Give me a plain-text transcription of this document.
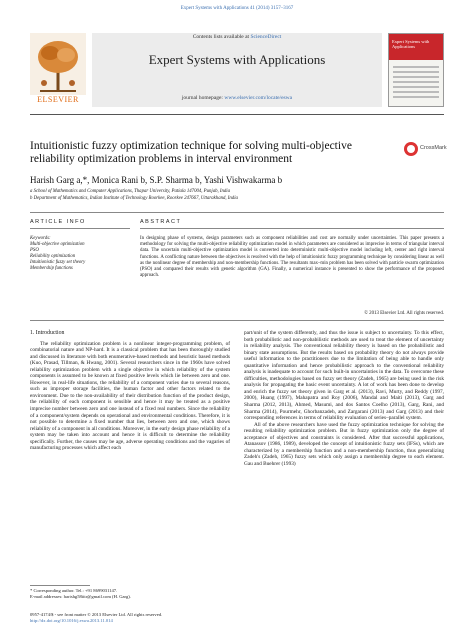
Expert Systems with Applications 41 (2014) 3157–3167
ELSEVIER
Contents lists available at ScienceDirect
Expert Systems with Applications
journal homepage: www.elsevier.com/locate/eswa
Expert Systems with Applications
Intuitionistic fuzzy optimization technique for solving multi-objective reliability optimization problems in interval environment
CrossMark
Harish Garg a,*, Monica Rani b, S.P. Sharma b, Yashi Vishwakarma b
a School of Mathematics and Computer Applications, Thapar University, Patiala 147004, Punjab, India
b Department of Mathematics, Indian Institute of Technology Roorkee, Roorkee 247667, Uttarakhand, India
ARTICLE INFO	ABSTRACT
Keywords:
Multi-objective optimization
PSO
Reliability optimization
Intuitionistic fuzzy set theory
Membership functions
In designing phase of systems, design parameters such as component reliabilities and cost are normally under uncertainties. This paper presents a methodology for solving the multi-objective reliability optimization model in which parameters are considered as imprecise in terms of triangular interval data. The uncertain multi-objective optimization model is converted into deterministic multi-objective model including left, center and right interval functions. A conflicting nature between the objectives is resolved with the help of intuitionistic fuzzy programming technique by considering linear as well as the nonlinear degree of membership and non-membership functions. The resultants max–min problem has been solved with particle swarm optimization (PSO) and compared their results with genetic algorithm (GA). Finally, a numerical instance is presented to show the performance of the proposed approach.
© 2013 Elsevier Ltd. All rights reserved.
1. Introduction

The reliability optimization problem is a nonlinear integer-programming problem, of combinatorial nature and NP-hard. It is a classical problem that has been thoroughly studied and discussed in literature with both enumerative-based methods and heuristic based methods (Kuo, Prasad, Tillman, & Hwang, 2001). Several researchers since in the 1960s have solved reliability optimization problem with a single objective in which reliability of the system components is assumed to be known at fixed positive levels which lie between zero and one. However, in real-life situations, the reliability of a component varies due to several reasons, such as improper storage facilities, the human factor and other factors related to the environment. Due to the non-availability of their distribution function of the product design, the reliability of each component is sensible and hence it may be treated as a positive imprecise number between zero and one instead of a fixed real numbers. Since the reliability of a component/system depends on operational and environmental conditions. Therefore, it is not possible to determine a fixed number that lies, between zero and one, which shows reliability of a component in all conditions. Moreover, in the early design phase reliability of a system may be taken into account and hence it is difficult to determine the reliability specifically. Further, the causes may be age, adverse operating conditions and the vagaries of manufacturing processes which affect each

part/unit of the system differently, and thus the issue is subject to uncertainty. To this effect, both probabilistic and non-probabilistic methods are used to treat the element of uncertainty in reliability analysis. The conventional reliability theory is based on the probabilistic and binary state assumptions. But the results based on probability theory do not always provide useful information to the practitioners due to the limitation of being able to handle only quantitative information and hence probabilistic approach to the conventional reliability analysis is inadequate to account for such built-in uncertainties in the data. To overcome these difficulties, methodologies based on fuzzy set theory (Zadeh, 1965) are being used in the risk analysis for propagating the basic event uncertainty. A lot of work has been done to develop and enrich the fuzzy set theory given in Garg et al. (2013), Ravi, Murty, and Reddy (1997, 2000), Huang (1997), Mahapatra and Roy (2006), Mandal and Maiti (2013), Garg and Sharma (2012, 2013), Ahmed, Masumi, and dos Santos Coelho (2013), Garg, Rani, and Sharma (2014), Pourmehr, Ghorbanzadeh, and Zargarani (2013) and Garg (2013) and their corresponding references in terms of reliability evaluation of series–parallel system.

All of the above researchers have used the fuzzy optimization technique for solving the resulting reliability optimization problem. But in fuzzy optimization only the degree of acceptance of objectives and constraints is considered. After that successful applications, Atanassov (1986, 1989), developed the concept of intuitionistic fuzzy sets (IFSs), which are characterized by a membership function and a non-membership function, thus generalizing Zadeh's (Zadeh, 1965) fuzzy sets which only assign a membership degree to each element. Gau and Buehrer (1993)

* Corresponding author. Tel.: +91 8699031147.
E-mail addresses: harishg58iitr@gmail.com (H. Garg).
0957-4174/$ - see front matter © 2013 Elsevier Ltd. All rights reserved.
http://dx.doi.org/10.1016/j.eswa.2013.11.014
